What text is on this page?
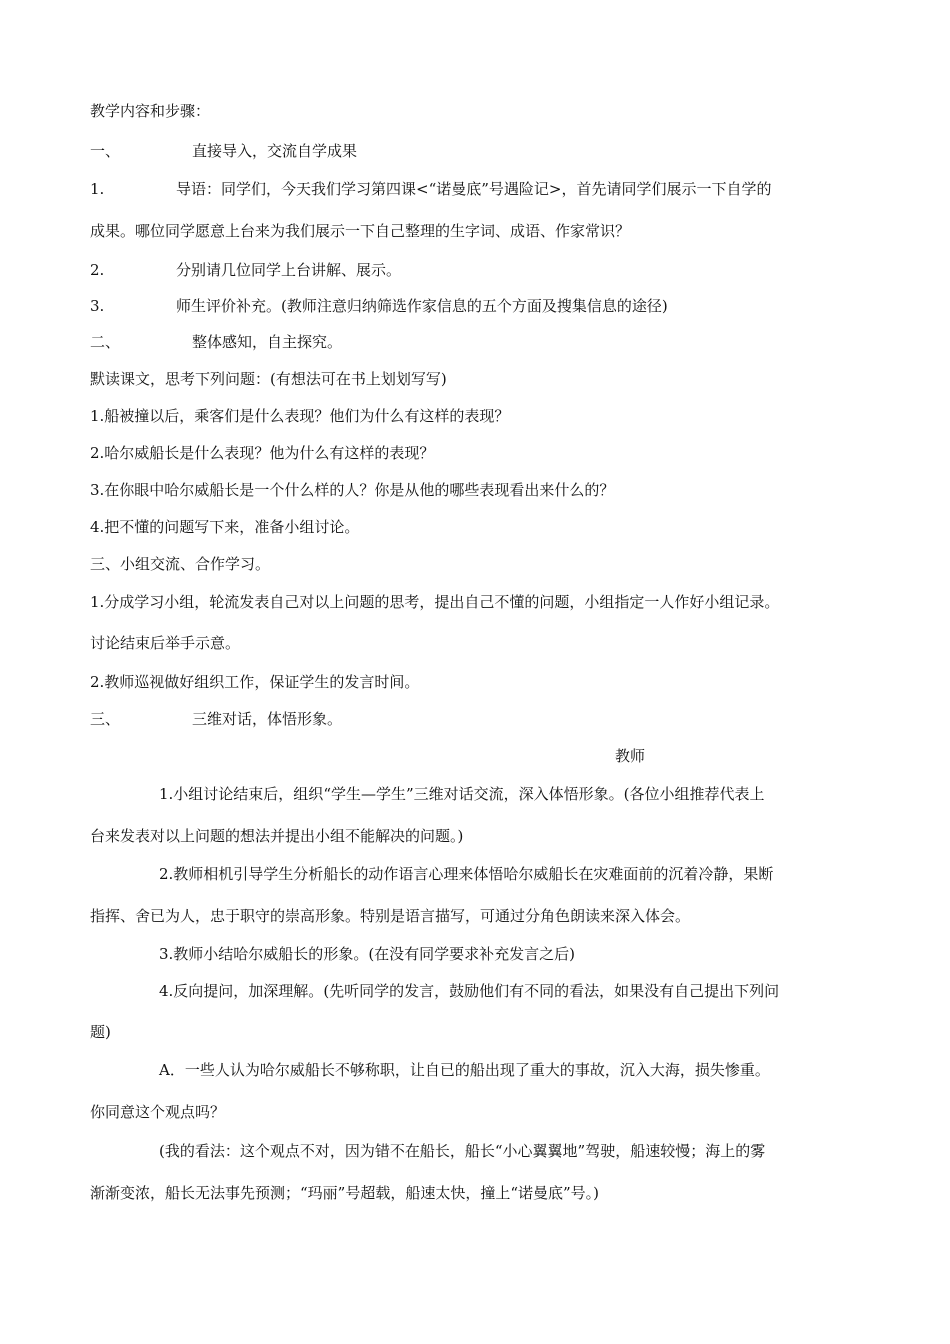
教学内容和步骤：
一、	直接导入，交流自学成果
1.	导语：同学们，今天我们学习第四课<“诺曼底”号遇险记>，首先请同学们展示一下自学的
成果。哪位同学愿意上台来为我们展示一下自己整理的生字词、成语、作家常识？
2.	分别请几位同学上台讲解、展示。
3.	师生评价补充。(教师注意归纳筛选作家信息的五个方面及搜集信息的途径)
二、	整体感知，自主探究。
默读课文，思考下列问题：(有想法可在书上划划写写)
1.船被撞以后，乘客们是什么表现？他们为什么有这样的表现？
2.哈尔威船长是什么表现？他为什么有这样的表现？
3.在你眼中哈尔威船长是一个什么样的人？你是从他的哪些表现看出来什么的？
4.把不懂的问题写下来，准备小组讨论。
三、小组交流、合作学习。
1.分成学习小组，轮流发表自己对以上问题的思考，提出自己不懂的问题，小组指定一人作好小组记录。
讨论结束后举手示意。
2.教师巡视做好组织工作，保证学生的发言时间。
三、	三维对话，体悟形象。
教师
1.小组讨论结束后，组织“学生—学生”三维对话交流，深入体悟形象。(各位小组推荐代表上
台来发表对以上问题的想法并提出小组不能解决的问题。)
2.教师相机引导学生分析船长的动作语言心理来体悟哈尔威船长在灾难面前的沉着冷静，果断
指挥、舍已为人，忠于职守的崇高形象。特别是语言描写，可通过分角色朗读来深入体会。
3.教师小结哈尔威船长的形象。(在没有同学要求补充发言之后)
4.反向提问，加深理解。(先听同学的发言，鼓励他们有不同的看法，如果没有自己提出下列问
题)
A．一些人认为哈尔威船长不够称职，让自已的船出现了重大的事故，沉入大海，损失惨重。
你同意这个观点吗？
(我的看法：这个观点不对，因为错不在船长，船长“小心翼翼地”驾驶，船速较慢；海上的雾
渐渐变浓，船长无法事先预测；“玛丽”号超载，船速太快，撞上“诺曼底”号。)
